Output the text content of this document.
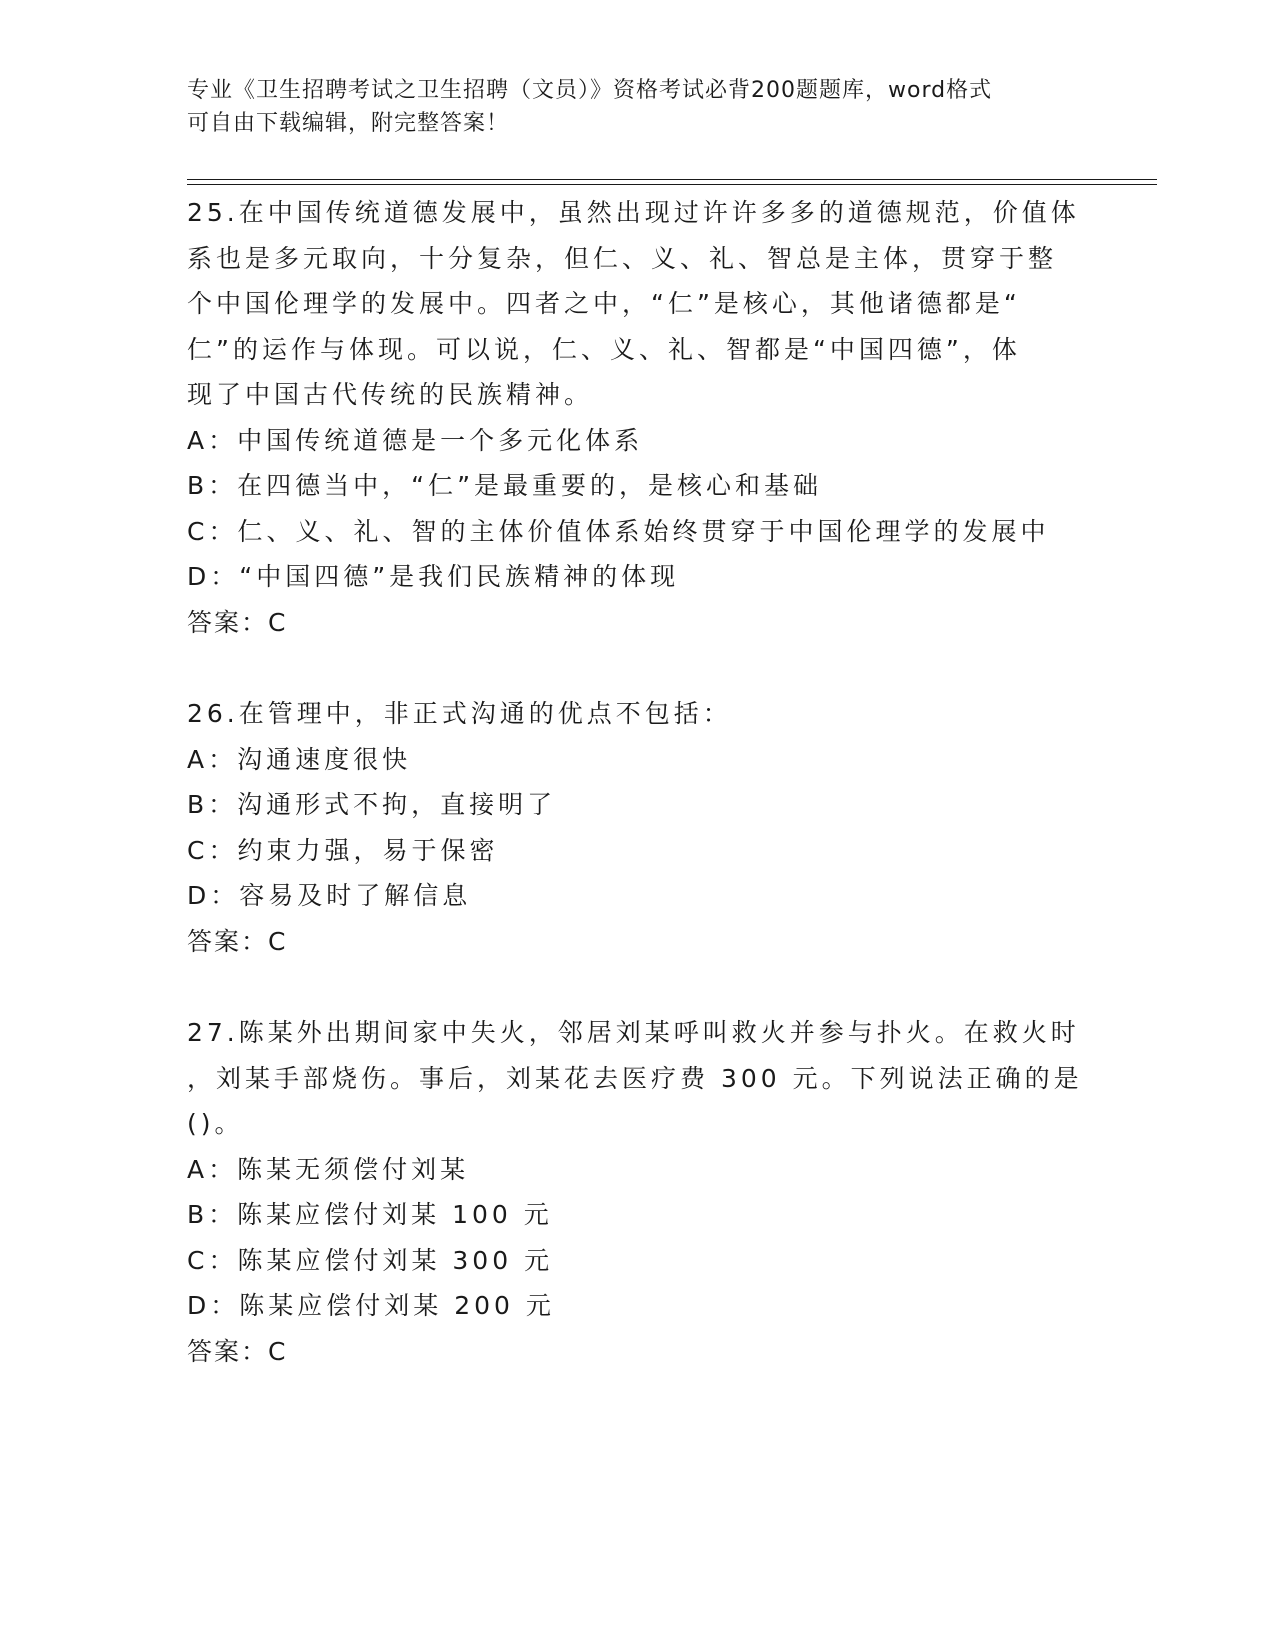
专业《卫生招聘考试之卫生招聘（文员）》资格考试必背200题题库，word格式
可自由下载编辑，附完整答案！

25.在中国传统道德发展中，虽然出现过许许多多的道德规范，价值体

系也是多元取向，十分复杂，但仁、义、礼、智总是主体，贯穿于整

个中国伦理学的发展中。四者之中，“仁”是核心，其他诸德都是“

仁”的运作与体现。可以说，仁、义、礼、智都是“中国四德”，体

现了中国古代传统的民族精神。

A：中国传统道德是一个多元化体系

B：在四德当中，“仁”是最重要的，是核心和基础

C：仁、义、礼、智的主体价值体系始终贯穿于中国伦理学的发展中

D：“中国四德”是我们民族精神的体现

答案：C

26.在管理中，非正式沟通的优点不包括：

A：沟通速度很快

B：沟通形式不拘，直接明了

C：约束力强，易于保密

D：容易及时了解信息

答案：C

27.陈某外出期间家中失火，邻居刘某呼叫救火并参与扑火。在救火时

，刘某手部烧伤。事后，刘某花去医疗费 300 元。下列说法正确的是

()。

A：陈某无须偿付刘某

B：陈某应偿付刘某 100 元

C：陈某应偿付刘某 300 元

D：陈某应偿付刘某 200 元

答案：C
